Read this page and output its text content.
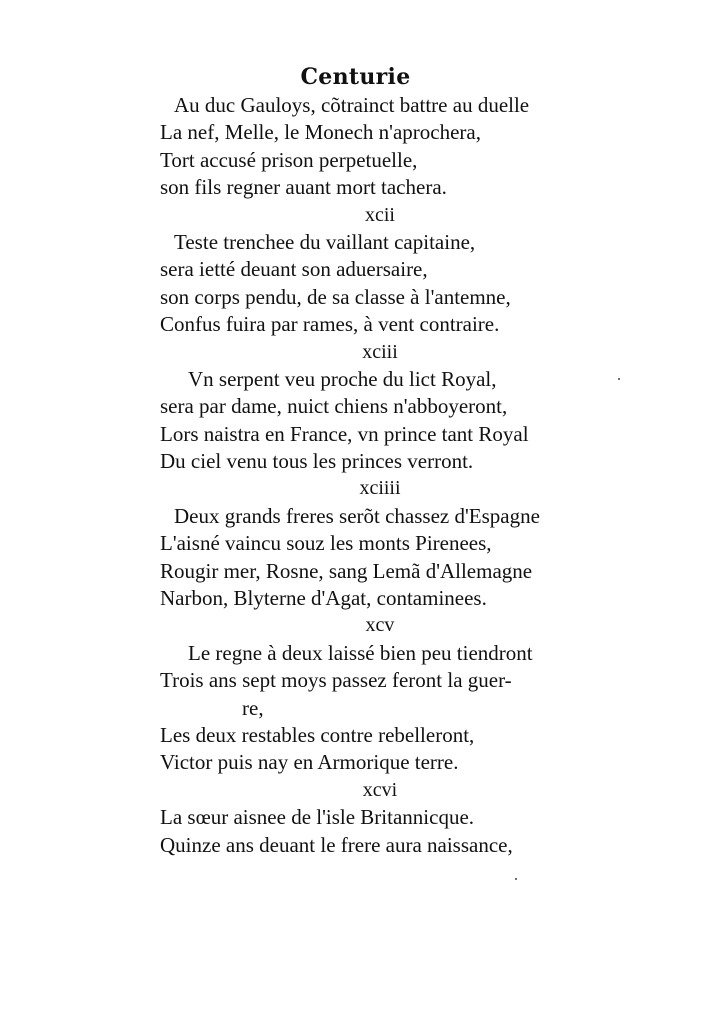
Centurie
Au duc Gauloys, cõtrainct battre au duelle
La nef, Melle, le Monech n'aprochera,
Tort accusé prison perpetuelle,
son fils regner auant mort tachera.
xcii
Teste trenchee du vaillant capitaine,
sera ietté deuant son aduersaire,
son corps pendu, de sa classe à l'antemne,
Confus fuira par rames, à vent contraire.
xciii
Vn serpent veu proche du lict Royal,
sera par dame, nuict chiens n'abboyeront,
Lors naistra en France, vn prince tant Royal
Du ciel venu tous les princes verront.
xciiii
Deux grands freres serõt chassez d'Espagne
L'aisné vaincu souz les monts Pirenees,
Rougir mer, Rosne, sang Lemã d'Allemagne
Narbon, Blyterne d'Agat, contaminees.
xcv
Le regne à deux laissé bien peu tiendront
Trois ans sept moys passez feront la guer-
re,
Les deux restables contre rebelleront,
Victor puis nay en Armorique terre.
xcvi
La sœur aisnee de l'isle Britannicque.
Quinze ans deuant le frere aura naissance,
